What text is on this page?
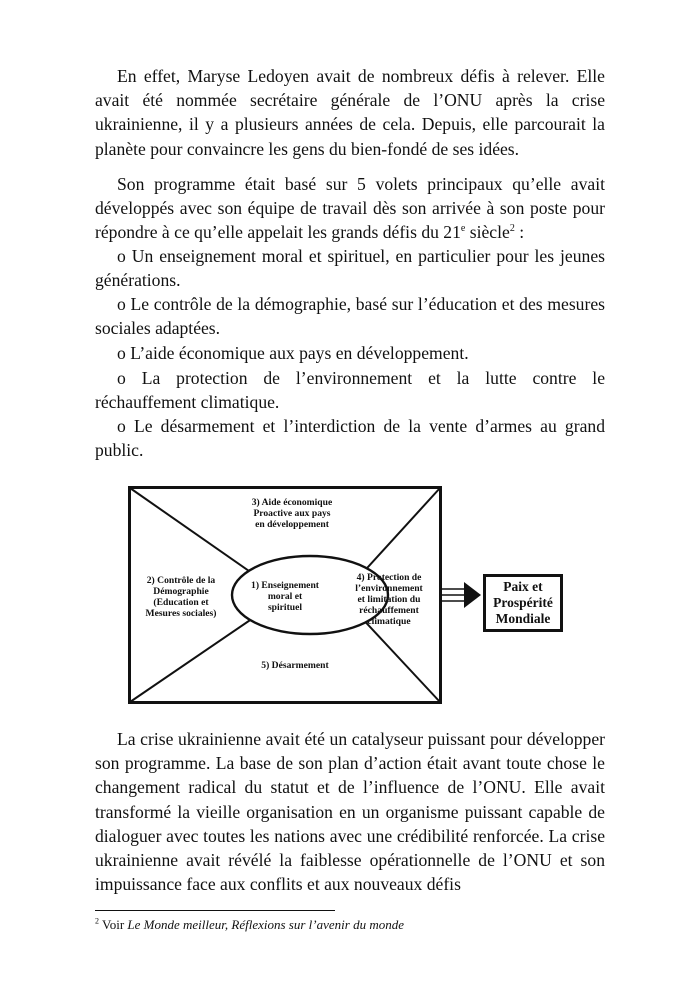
En effet, Maryse Ledoyen avait de nombreux défis à relever. Elle avait été nommée secrétaire générale de l’ONU après la crise ukrainienne, il y a plusieurs années de cela. Depuis, elle parcourait la planète pour convaincre les gens du bien-fondé de ses idées.

Son programme était basé sur 5 volets principaux qu’elle avait développés avec son équipe de travail dès son arrivée à son poste pour répondre à ce qu’elle appelait les grands défis du 21e siècle$^2$ :

o Un enseignement moral et spirituel, en particulier pour les jeunes générations.

o Le contrôle de la démographie, basé sur l’éducation et des mesures sociales adaptées.

o L’aide économique aux pays en développement.

o La protection de l’environnement et la lutte contre le réchauffement climatique.

o Le désarmement et l’interdiction de la vente d’armes au grand public.

3) Aide économique
Proactive aux pays
en développement
2) Contrôle de la
Démographie
(Education et
Mesures sociales)
1) Enseignement
moral et
spirituel
4) Protection de
l’environnement
et limitation du
réchauffement
climatique
5) Désarmement
Paix et
Prospérité
Mondiale

La crise ukrainienne avait été un catalyseur puissant pour développer son programme. La base de son plan d’action était avant toute chose le changement radical du statut et de l’influence de l’ONU. Elle avait transformé la vieille organisation en un organisme puissant capable de dialoguer avec toutes les nations avec une crédibilité renforcée. La crise ukrainienne avait révélé la faiblesse opérationnelle de l’ONU et son impuissance face aux conflits et aux nouveaux défis

$^2$ Voir Le Monde meilleur, Réflexions sur l’avenir du monde
